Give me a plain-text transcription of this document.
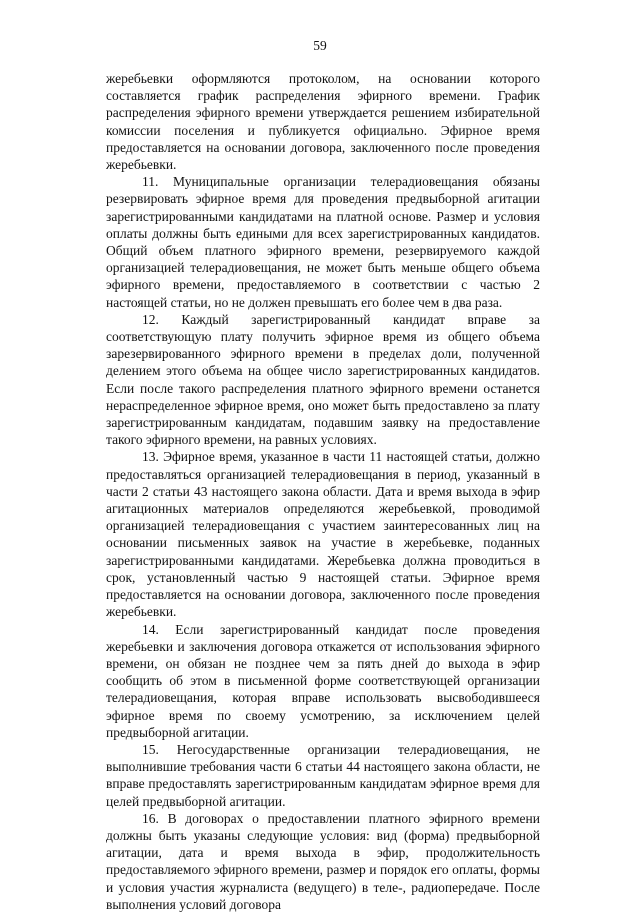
59

жеребьевки оформляются протоколом, на основании которого составляется график распределения эфирного времени. График распределения эфирного времени утверждается решением избирательной комиссии поселения и публикуется официально. Эфирное время предоставляется на основании договора, заключенного после проведения жеребьевки.

11. Муниципальные организации телерадиовещания обязаны резервировать эфирное время для проведения предвыборной агитации зарегистрированными кандидатами на платной основе. Размер и условия оплаты должны быть едиными для всех зарегистрированных кандидатов. Общий объем платного эфирного времени, резервируемого каждой организацией телерадиовещания, не может быть меньше общего объема эфирного времени, предоставляемого в соответствии с частью 2 настоящей статьи, но не должен превышать его более чем в два раза.

12. Каждый зарегистрированный кандидат вправе за соответствующую плату получить эфирное время из общего объема зарезервированного эфирного времени в пределах доли, полученной делением этого объема на общее число зарегистрированных кандидатов. Если после такого распределения платного эфирного времени останется нераспределенное эфирное время, оно может быть предоставлено за плату зарегистрированным кандидатам, подавшим заявку на предоставление такого эфирного времени, на равных условиях.

13. Эфирное время, указанное в части 11 настоящей статьи, должно предоставляться организацией телерадиовещания в период, указанный в части 2 статьи 43 настоящего закона области. Дата и время выхода в эфир агитационных материалов определяются жеребьевкой, проводимой организацией телерадиовещания с участием заинтересованных лиц на основании письменных заявок на участие в жеребьевке, поданных зарегистрированными кандидатами. Жеребьевка должна проводиться в срок, установленный частью 9 настоящей статьи. Эфирное время предоставляется на основании договора, заключенного после проведения жеребьевки.

14. Если зарегистрированный кандидат после проведения жеребьевки и заключения договора откажется от использования эфирного времени, он обязан не позднее чем за пять дней до выхода в эфир сообщить об этом в письменной форме соответствующей организации телерадиовещания, которая вправе использовать высвободившееся эфирное время по своему усмотрению, за исключением целей предвыборной агитации.

15. Негосударственные организации телерадиовещания, не выполнившие требования части 6 статьи 44 настоящего закона области, не вправе предоставлять зарегистрированным кандидатам эфирное время для целей предвыборной агитации.

16. В договорах о предоставлении платного эфирного времени должны быть указаны следующие условия: вид (форма) предвыборной агитации, дата и время выхода в эфир, продолжительность предоставляемого эфирного времени, размер и порядок его оплаты, формы и условия участия журналиста (ведущего) в теле-, радиопередаче. После выполнения условий договора
